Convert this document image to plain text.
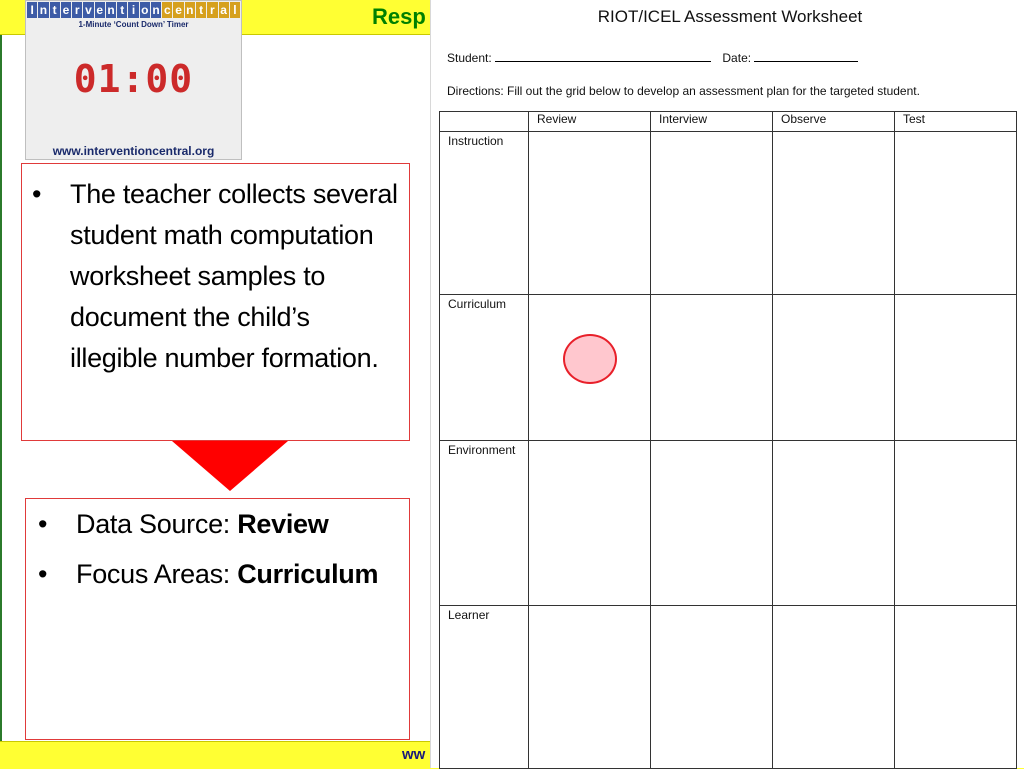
Resp
ww
I n t e r v e n t i o n c e n t r a l
1-Minute ‘Count Down’ Timer
01:00
www.interventioncentral.org
• The teacher collects several student math computation worksheet samples to document the child’s illegible number formation.
• Data Source: Review
• Focus Areas: Curriculum
RIOT/ICEL Assessment Worksheet
Student:	Date:
Directions: Fill out the grid below to develop an assessment plan for the targeted student.
	Review	Interview	Observe	Test
Instruction				
Curriculum				
Environment				
Learner				
